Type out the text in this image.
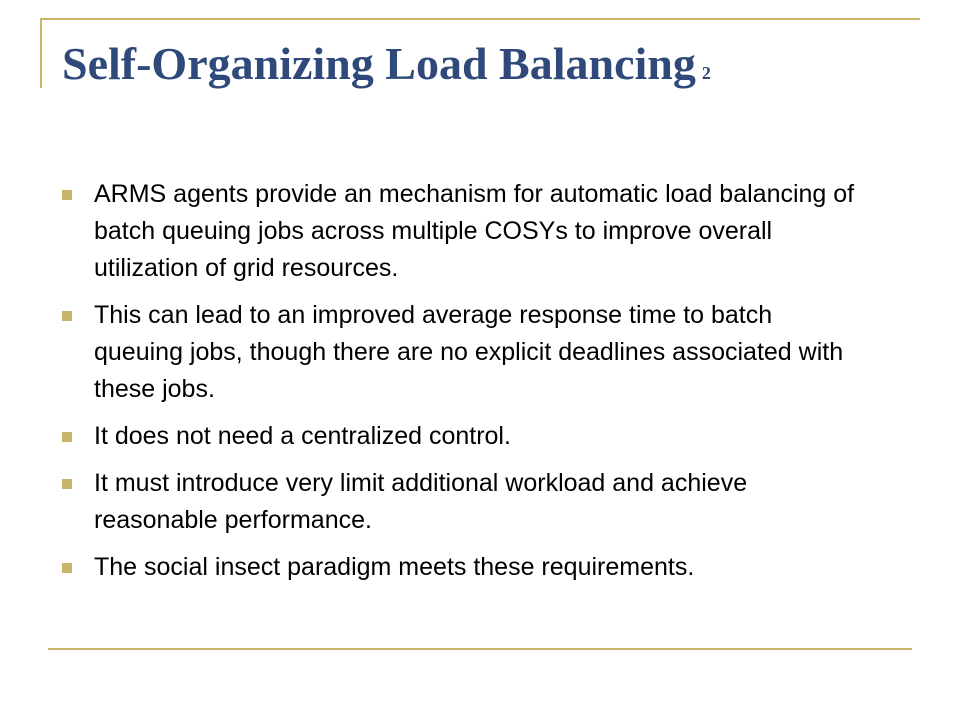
Self-Organizing Load Balancing 2
ARMS agents provide an mechanism for automatic load balancing of batch queuing jobs across multiple COSYs to improve overall utilization of grid resources.
This can lead to an improved average response time to batch queuing jobs, though there are no explicit deadlines associated with these jobs.
It does not need a centralized control.
It must introduce very limit additional workload and achieve reasonable performance.
The social insect paradigm meets these requirements.
